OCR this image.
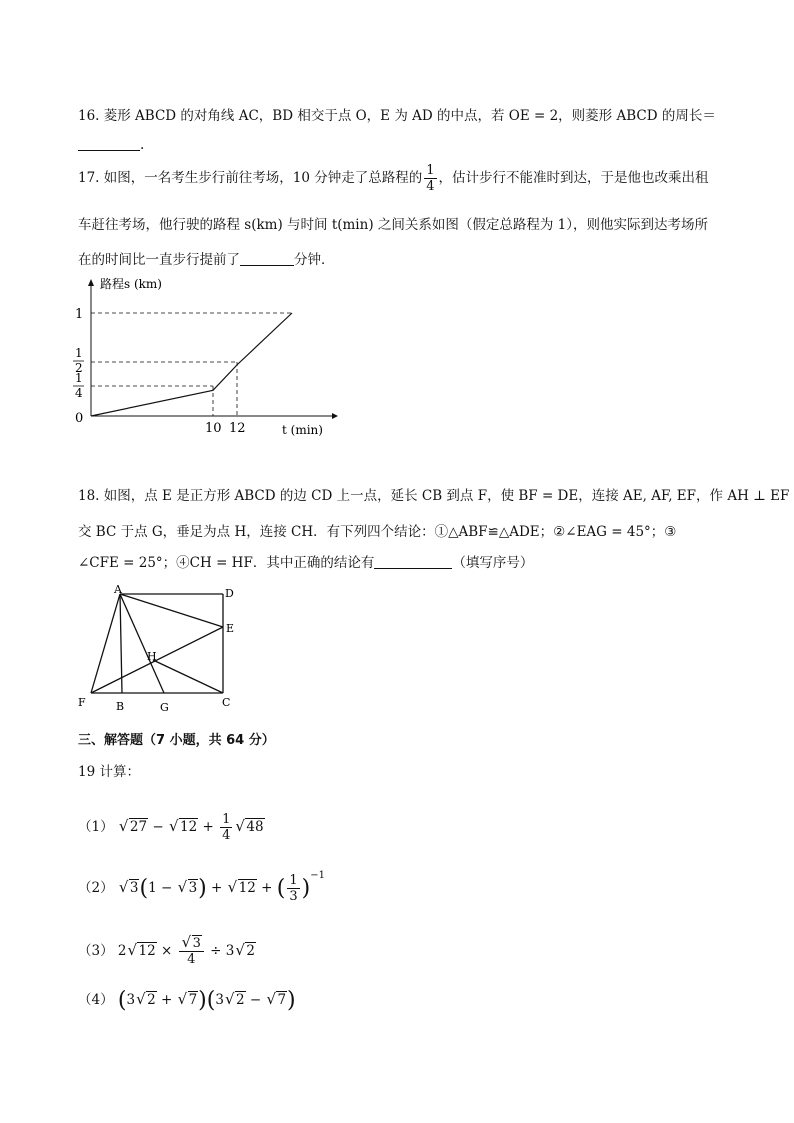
16. 菱形 ABCD 的对角线 AC，BD 相交于点 O，E 为 AD 的中点，若 OE = 2，则菱形 ABCD 的周长＝
.
17. 如图，一名考生步行前往考场，10 分钟走了总路程的 $\frac{1}{4}$ ，估计步行不能准时到达，于是他也改乘出租
车赶往考场，他行驶的路程 s(km) 与时间 t(min) 之间关系如图（假定总路程为 1），则他实际到达考场所
在的时间比一直步行提前了	分钟．
路程s (km)
t (min)
1
1
2
1
4
0
10 12
18. 如图，点 E 是正方形 ABCD 的边 CD 上一点，延长 CB 到点 F，使 BF = DE，连接 AE, AF, EF，作 AH ⊥ EF
交 BC 于点 G，垂足为点 H，连接 CH．有下列四个结论：①△ABF≌△ADE；②∠EAG = 45°；③
∠CFE = 25°；④CH = HF．其中正确的结论有	（填写序号）
A	D
E
H
F	B	G	C
三、解答题（7 小题，共 64 分）
19 计算：
（1） √ 27 − √ $12 + \frac{1}{4}$
√ 48
（2） √ 3(1 − √ 3) + √ 12 + ( $\frac{1}{3} )^{-1}$
（3） 2√ 12 ×
√ $\frac{3}{4} \div 3√$ 2
（4） (3√ 2 + √ 7)(3√ 2 − √ 7)
